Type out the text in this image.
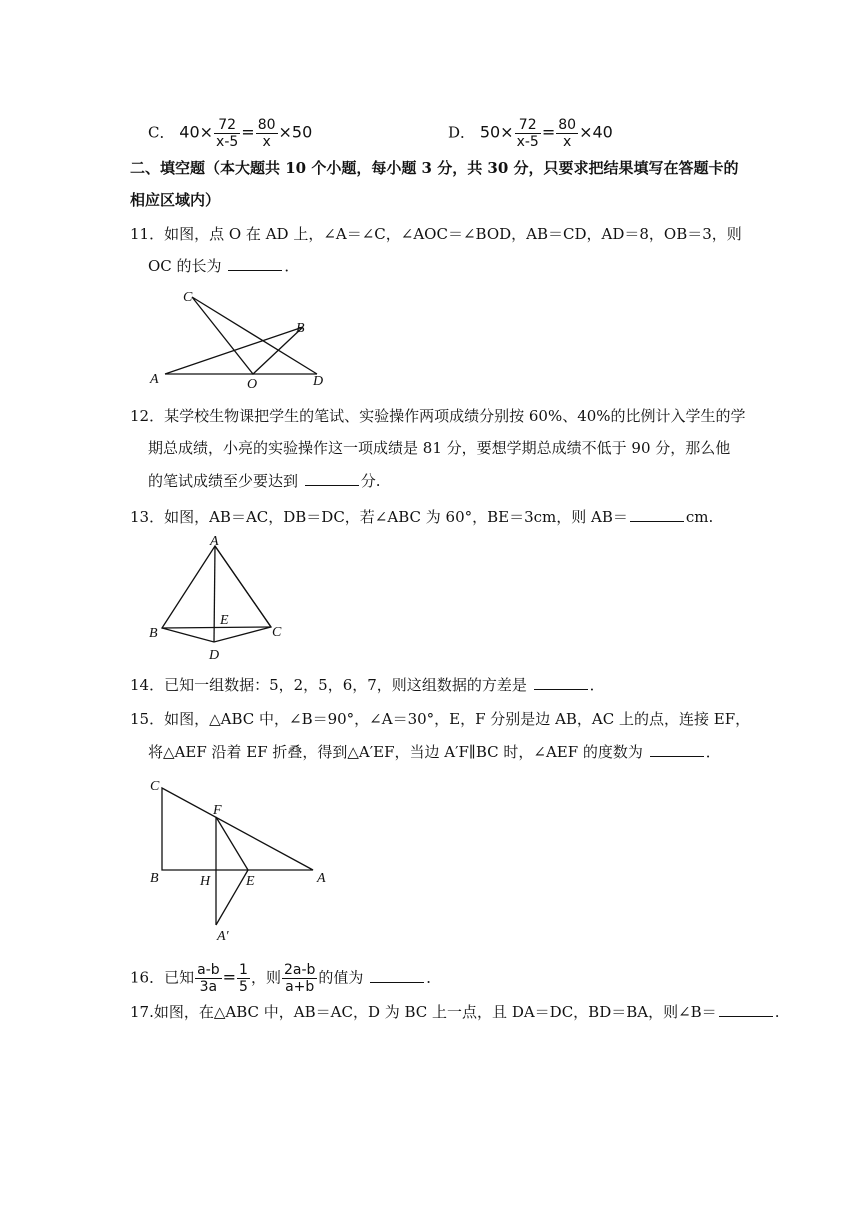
C． $40\times \frac{72}{x-5} = \frac{80}{x} \times 50$	D． $50\times \frac{72}{x-5} = \frac{80}{x} \times 40$
二、填空题（本大题共 10 个小题，每小题 3 分，共 30 分，只要求把结果填写在答题卡的
相应区域内）
11．如图，点 O 在 AD 上，∠A＝∠C，∠AOC＝∠BOD，AB＝CD，AD＝8，OB＝3，则
OC 的长为	．
C
B
A	O	D
12．某学校生物课把学生的笔试、实验操作两项成绩分别按 60%、40%的比例计入学生的学
期总成绩，小亮的实验操作这一项成绩是 81 分，要想学期总成绩不低于 90 分，那么他
的笔试成绩至少要达到	分.
13．如图，AB＝AC，DB＝DC，若∠ABC 为 60°，BE＝3cm，则 AB＝	cm.
A
B	C
D
E
14．已知一组数据：5，2，5，6，7，则这组数据的方差是	．
15．如图，△ABC 中，∠B＝90°，∠A＝30°，E，F 分别是边 AB，AC 上的点，连接 EF，
将△AEF 沿着 EF 折叠，得到△A′EF，当边 A′F∥BC 时，∠AEF 的度数为	．
C
F
B	H	E	A
A′
16．已知 $\frac{a-b}{3a} = \frac{1}{5}$ ，则 $\frac{2a-b}{a+b}$ 的值为	．
17.如图，在△ABC 中，AB＝AC，D 为 BC 上一点，且 DA＝DC，BD＝BA，则∠B＝	.
